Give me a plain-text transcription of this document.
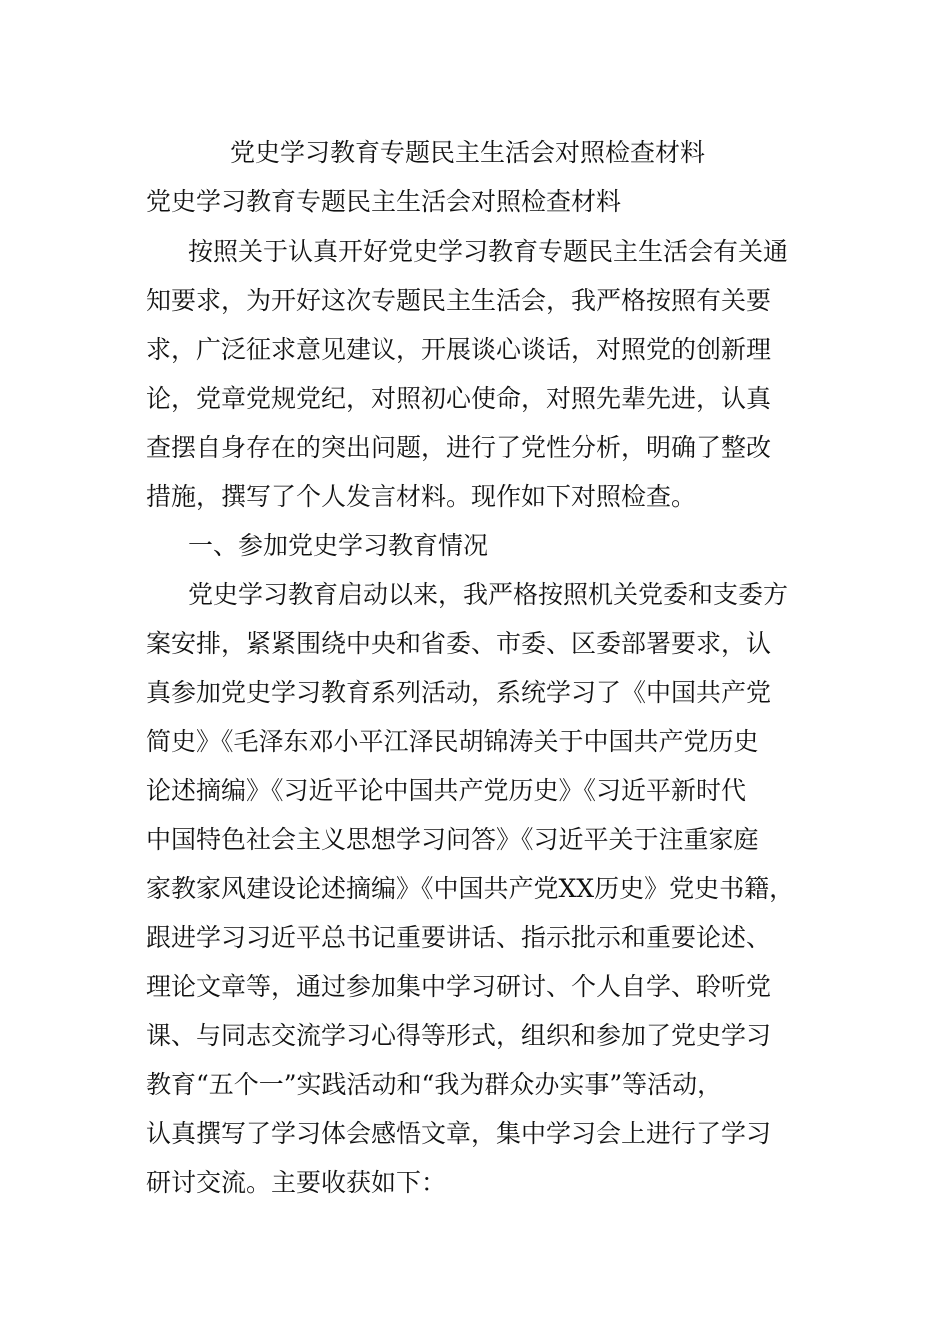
党史学习教育专题民主生活会对照检查材料
党史学习教育专题民主生活会对照检查材料
按照关于认真开好党史学习教育专题民主生活会有关通
知要求，为开好这次专题民主生活会，我严格按照有关要
求，广泛征求意见建议，开展谈心谈话，对照党的创新理
论，党章党规党纪，对照初心使命，对照先辈先进，认真
查摆自身存在的突出问题，进行了党性分析，明确了整改
措施，撰写了个人发言材料。现作如下对照检查。
一、参加党史学习教育情况
党史学习教育启动以来，我严格按照机关党委和支委方
案安排，紧紧围绕中央和省委、市委、区委部署要求，认
真参加党史学习教育系列活动，系统学习了《中国共产党
简史》《毛泽东邓小平江泽民胡锦涛关于中国共产党历史
论述摘编》《习近平论中国共产党历史》《习近平新时代
中国特色社会主义思想学习问答》《习近平关于注重家庭
家教家风建设论述摘编》《中国共产党XX历史》党史书籍，
跟进学习习近平总书记重要讲话、指示批示和重要论述、
理论文章等，通过参加集中学习研讨、个人自学、聆听党
课、与同志交流学习心得等形式，组织和参加了党史学习
教育“五个一”实践活动和“我为群众办实事”等活动，
认真撰写了学习体会感悟文章，集中学习会上进行了学习
研讨交流。主要收获如下：
